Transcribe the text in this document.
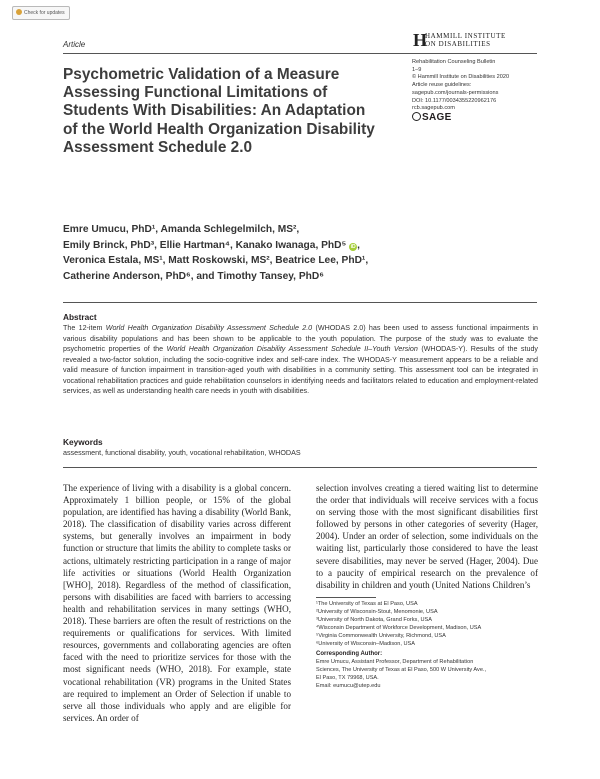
Check for updates
Article	H
HAMMILL INSTITUTE
ON DISABILITIES
Rehabilitation Counseling Bulletin
1–9
© Hammill Institute on Disabilities 2020
Article reuse guidelines:
sagepub.com/journals-permissions
DOI: 10.1177/0034355220962176
rcb.sagepub.com
SAGE
Psychometric Validation of a Measure Assessing Functional Limitations of Students With Disabilities: An Adaptation of the World Health Organization Disability Assessment Schedule 2.0
Emre Umucu, PhD¹, Amanda Schlegelmilch, MS²,
Emily Brinck, PhD³, Ellie Hartman⁴, Kanako Iwanaga, PhD⁵ iD ,
Veronica Estala, MS¹, Matt Roskowski, MS², Beatrice Lee, PhD¹,
Catherine Anderson, PhD⁶, and Timothy Tansey, PhD⁶
Abstract
The 12-item World Health Organization Disability Assessment Schedule 2.0 (WHODAS 2.0) has been used to assess functional impairments in various disability populations and has been shown to be applicable to the youth population. The purpose of the study was to evaluate the psychometric properties of the World Health Organization Disability Assessment Schedule II–Youth Version (WHODAS-Y). Results of the study revealed a two-factor solution, including the socio-cognitive index and self-care index. The WHODAS-Y measurement appears to be a reliable and valid measure of function impairment in transition-aged youth with disabilities in a community setting. This assessment tool can be integrated in vocational rehabilitation practices and guide rehabilitation counselors in identifying needs and facilitators related to education and employment-related services, as well as understanding health care needs in youth with disabilities.
Keywords
assessment, functional disability, youth, vocational rehabilitation, WHODAS
The experience of living with a disability is a global concern. Approximately 1 billion people, or 15% of the global population, are identified has having a disability (World Bank, 2018). The classification of disability varies across different systems, but generally involves an impairment in body function or structure that limits the ability to complete tasks or actions, ultimately restricting participation in a range of major life activities or situations (World Health Organization [WHO], 2018). Regardless of the method of classification, persons with disabilities are faced with barriers to accessing health and rehabilitation services in many settings (WHO, 2018). These barriers are often the result of restrictions on the requirements or qualifications for services. With limited resources, governments and collaborating agencies are often faced with the need to prioritize services for those with the most significant needs (WHO, 2018). For example, state vocational rehabilitation (VR) programs in the United States are required to implement an Order of Selection if unable to serve all those individuals who apply and are eligible for services. An order of
selection involves creating a tiered waiting list to determine the order that individuals will receive services with a focus on serving those with the most significant disabilities first followed by persons in other categories of severity (Hager, 2004). Under an order of selection, some individuals on the waiting list, particularly those considered to have the least severe disabilities, may never be served (Hager, 2004). Due to a paucity of empirical research on the prevalence of disability in children and youth (United Nations Children’s
¹The University of Texas at El Paso, USA
²University of Wisconsin-Stout, Menomonie, USA
³University of North Dakota, Grand Forks, USA
⁴Wisconsin Department of Workforce Development, Madison, USA
⁵Virginia Commonwealth University, Richmond, USA
⁶University of Wisconsin–Madison, USA
Corresponding Author:
Emre Umucu, Assistant Professor, Department of Rehabilitation
Sciences, The University of Texas at El Paso, 500 W University Ave.,
El Paso, TX 79968, USA.
Email: eumucu@utep.edu
